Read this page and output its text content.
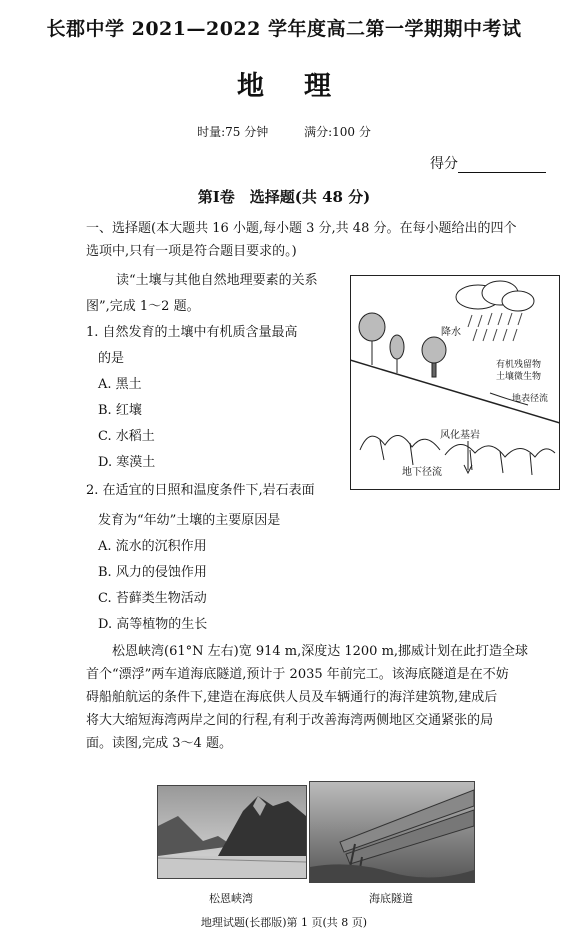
长郡中学 2021—2022 学年度高二第一学期期中考试
地理
时量:75 分钟	满分:100 分
得分
第Ⅰ卷　选择题(共 48 分)
一、选择题(本大题共 16 小题,每小题 3 分,共 48 分。在每小题给出的四个
选项中,只有一项是符合题目要求的。)
读“土壤与其他自然地理要素的关系
图”,完成 1～2 题。
1. 自然发育的土壤中有机质含量最高
的是
A. 黑土
B. 红壤
C. 水稻土
D. 寒漠土
2. 在适宜的日照和温度条件下,岩石表面
发育为“年幼”土壤的主要原因是
A. 流水的沉积作用
B. 风力的侵蚀作用
C. 苔藓类生物活动
D. 高等植物的生长
降水
有机残留物
土壤微生物
地表径流
风化基岩
地下径流
松恩峡湾(61°N 左右)宽 914 m,深度达 1200 m,挪威计划在此打造全球
首个“漂浮”两车道海底隧道,预计于 2035 年前完工。该海底隧道是在不妨
碍船舶航运的条件下,建造在海底供人员及车辆通行的海洋建筑物,建成后
将大大缩短海湾两岸之间的行程,有利于改善海湾两侧地区交通紧张的局
面。读图,完成 3～4 题。
松恩峡湾	海底隧道
地理试题(长郡版)第 1 页(共 8 页)
